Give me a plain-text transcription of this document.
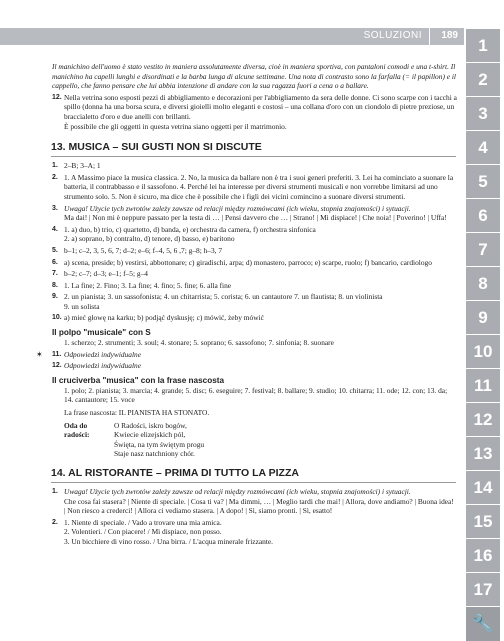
SOLUZIONI 189
1
2
3
4
5
6
7
8
9
10
11
12
13
14
15
16
17
🔧

Il manichino dell'uomo è stato vestito in maniera assolutamente diversa, cioè in maniera sportiva, con pantaloni comodi e una t-shirt. Il manichino ha capelli lunghi e disordinati e la barba lunga di alcune settimane. Una nota di contrasto sono la farfalla (= il papillon) e il cappello, che fanno pensare che lui abbia intenzione di andare con la sua ragazza fuori a cena o a ballare.

12. Nella vetrina sono esposti pezzi di abbigliamento e decorazioni per l'abbigliamento da sera delle donne. Ci sono scarpe con i tacchi a spillo (donna ha una borsa scura, e diversi gioielli molto eleganti e costosi – una collana d'oro con un ciondolo di pietre preziose, un braccialetto d'oro e due anelli con brillanti.
È possibile che gli oggetti in questa vetrina siano oggetti per il matrimonio.
13. MUSICA – SUI GUSTI NON SI DISCUTE
1. 2–B; 3–A; 1
2. 1. A Massimo piace la musica classica. 2. No, la musica da ballare non è tra i suoi generi preferiti. 3. Lei ha cominciato a suonare la batteria, il contrabbasso e il sassofono. 4. Perché lei ha interesse per diversi strumenti musicali e non vorrebbe limitarsi ad uno strumento solo. 5. Non è sicuro, ma dice che è possibile che i figli dei vicini comincino a suonare diversi strumenti.
3. Uwaga! Użycie tych zwrotów zależy zawsze od relacji między rozmówcami (ich wieku, stopnia znajomości) i sytuacji.
Ma dai! | Non mi è neppure passato per la testa di … | Pensi davvero che … | Strano! | Mi dispiace! | Che noia! | Poverino! | Uffa!
4. 1. a) duo, b) trio, c) quartetto, d) banda, e) orchestra da camera, f) orchestra sinfonica
2. a) soprano, b) contralto, d) tenore, d) basso, e) baritono
5. b–1; c–2, 3, 5, 6, 7; d–2; e–6; f–4, 5, 6 ,7; g–8; h–3, 7
6. a) scena, preside; b) vestirsi, abbottonare; c) giradischi, arpa; d) monastero, parroco; e) scarpe, ruolo; f) bancario, cardiologo
7. b–2; c–7; d–3; e–1; f–5; g–4
8. 1. La fine; 2. Fino; 3. La fine; 4. fino; 5. fine; 6. alla fine
9. 2. un pianista; 3. un sassofonista; 4. un chitarrista; 5. corista; 6. un cantautore 7. un flautista; 8. un violinista
9. un solista
10. a) mieć głowę na karku; b) podjąć dyskusję; c) mówić, żeby mówić
Il polpo "musicale" con S

1. scherzo; 2. strumenti; 3. soul; 4. stonare; 5. soprano; 6. sassofono; 7. sinfonia; 8. suonare

✶ 11. Odpowiedzi indywidualne
12. Odpowiedzi indywidualne
Il cruciverba "musica" con la frase nascosta

1. polo; 2. pianista; 3. marcia; 4. grande; 5. disc; 6. eseguire; 7. festival; 8. ballare; 9. studio; 10. chitarra; 11. ode; 12. con; 13. da; 14. cantautore; 15. voce

La frase nascosta: IL PIANISTA HA STONATO.

Oda do radości:
O Radości, iskro bogów,
Kwiecie elizejskich pól,
Święta, na tym świętym progu
Staje nasz natchniony chór.
14. AL RISTORANTE – PRIMA DI TUTTO LA PIZZA
1. Uwaga! Użycie tych zwrotów zależy zawsze od relacji między rozmówcami (ich wieku, stopnia znajomości) i sytuacji.
Che cosa fai stasera? | Niente di speciale. | Cosa ti va? | Ma dimmi, … | Meglio tardi che mai! | Allora, dove andiamo? | Buona idea! | Non riesco a crederci! | Allora ci vediamo stasera. | A dopo! | Sì, siamo pronti. | Sì, esatto!
2. 1. Niente di speciale. / Vado a trovare una mia amica.
2. Volentieri. / Con piacere! / Mi dispiace, non posso.
3. Un bicchiere di vino rosso. / Una birra. / L'acqua minerale frizzante.
